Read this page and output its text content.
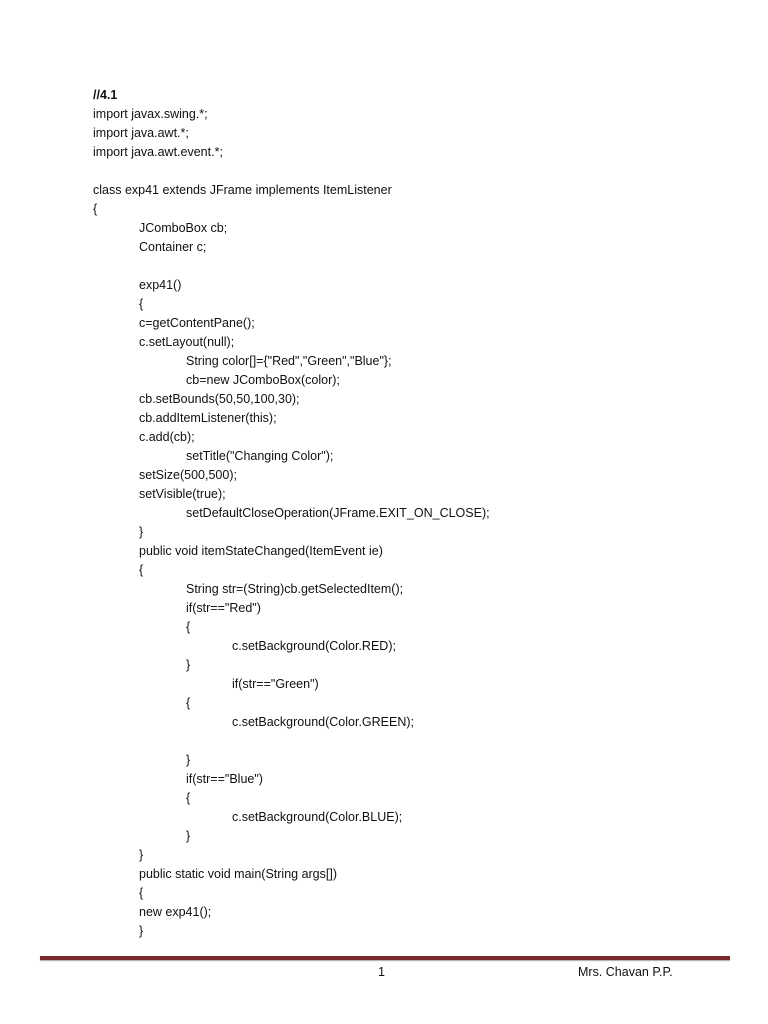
//4.1
import javax.swing.*;
import java.awt.*;
import java.awt.event.*;
class exp41 extends JFrame implements ItemListener
{
JComboBox cb;
Container c;
exp41()
{
c=getContentPane();
c.setLayout(null);
String color[]={"Red","Green","Blue"};
cb=new JComboBox(color);
cb.setBounds(50,50,100,30);
cb.addItemListener(this);
c.add(cb);
setTitle("Changing Color");
setSize(500,500);
setVisible(true);
setDefaultCloseOperation(JFrame.EXIT_ON_CLOSE);
}
public void itemStateChanged(ItemEvent ie)
{
String str=(String)cb.getSelectedItem();
if(str=="Red")
{
c.setBackground(Color.RED);
}
if(str=="Green")
{
c.setBackground(Color.GREEN);
}
if(str=="Blue")
{
c.setBackground(Color.BLUE);
}
}
public static void main(String args[])
{
new exp41();
}
1	Mrs. Chavan P.P.
